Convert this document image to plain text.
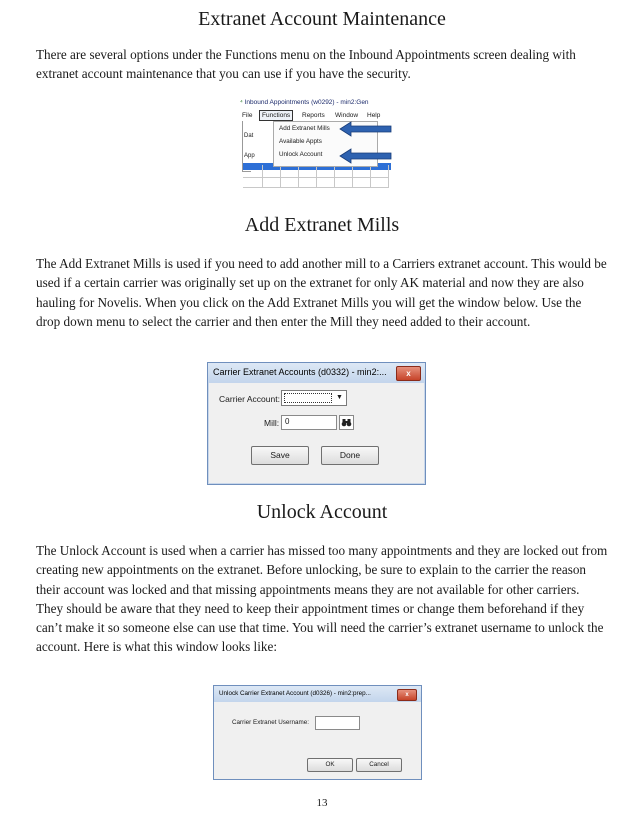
Extranet Account Maintenance

There are several options under the Functions menu on the Inbound Appointments screen dealing with extranet account maintenance that you can use if you have the security.

⁴ Inbound Appointments (w0292) - min2:Gen
File	Functions	Reports Window Help
Dat
App
Add Extranet Mills
Available Appts
Unlock Account
Add Extranet Mills

The Add Extranet Mills is used if you need to add another mill to a Carriers extranet account. This would be used if a certain carrier was originally set up on the extranet for only AK material and now they are also hauling for Novelis. When you click on the Add Extranet Mills you will get the window below. Use the drop down menu to select the carrier and then enter the Mill they need added to their account.

Carrier Extranet Accounts (d0332) - min2:...	x
Carrier Account:	▼
Mill: 0
Save	Done
Unlock Account

The Unlock Account is used when a carrier has missed too many appointments and they are locked out from creating new appointments on the extranet. Before unlocking, be sure to explain to the carrier the reason their account was locked and that missing appointments means they are not available for other carriers. They should be aware that they need to keep their appointment times or change them beforehand if they can’t make it so someone else can use that time. You will need the carrier’s extranet username to unlock the account. Here is what this window looks like:

Unlock Carrier Extranet Account (d0326) - min2:prep...	x
Carrier Extranet Username:
OK	Cancel
13
